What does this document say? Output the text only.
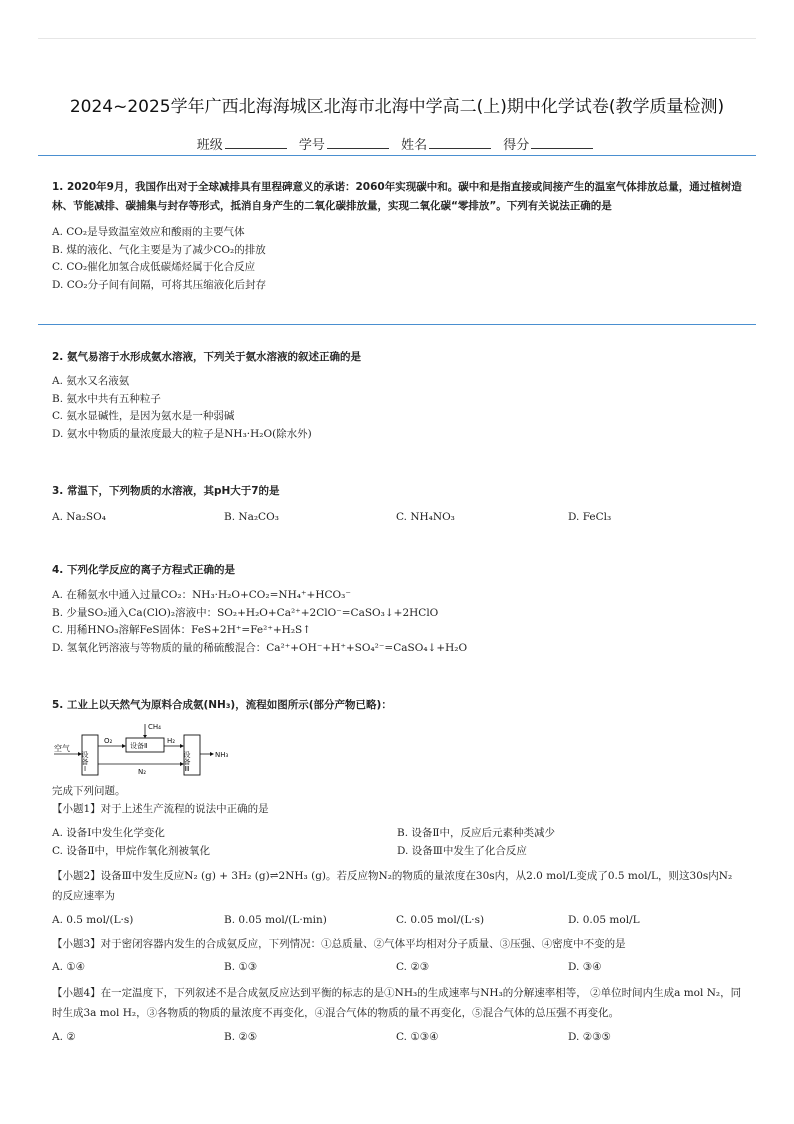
2024~2025学年广西北海海城区北海市北海中学高二(上)期中化学试卷(教学质量检测)
班级	学号	姓名	得分
1. 2020年9月，我国作出对于全球减排具有里程碑意义的承诺：2060年实现碳中和。碳中和是指直接或间接产生的温室气体排放总量，通过植树造林、节能减排、碳捕集与封存等形式，抵消自身产生的二氧化碳排放量，实现二氧化碳“零排放”。下列有关说法正确的是
A. CO₂是导致温室效应和酸雨的主要气体
B. 煤的液化、气化主要是为了减少CO₂的排放
C. CO₂催化加氢合成低碳烯烃属于化合反应
D. CO₂分子间有间隔，可将其压缩液化后封存
2. 氨气易溶于水形成氨水溶液，下列关于氨水溶液的叙述正确的是
A. 氨水又名液氨
B. 氨水中共有五种粒子
C. 氨水显碱性，是因为氨水是一种弱碱
D. 氨水中物质的量浓度最大的粒子是NH₃·H₂O(除水外)
3. 常温下，下列物质的水溶液，其pH大于7的是
A. Na₂SO₄	B. Na₂CO₃	C. NH₄NO₃	D. FeCl₃
4. 下列化学反应的离子方程式正确的是
A. 在稀氨水中通入过量CO₂：NH₃·H₂O+CO₂=NH₄⁺+HCO₃⁻
B. 少量SO₂通入Ca(ClO)₂溶液中：SO₂+H₂O+Ca²⁺+2ClO⁻=CaSO₃↓+2HClO
C. 用稀HNO₃溶解FeS固体：FeS+2H⁺=Fe²⁺+H₂S↑
D. 氢氧化钙溶液与等物质的量的稀硫酸混合：Ca²⁺+OH⁻+H⁺+SO₄²⁻=CaSO₄↓+H₂O
5. 工业上以天然气为原料合成氨(NH₃)，流程如图所示(部分产物已略)：
空气
设备Ⅰ
O₂
设备Ⅱ
CH₄
H₂
N₂	设备Ⅲ	NH₃
完成下列问题。
【小题1】对于上述生产流程的说法中正确的是
A. 设备Ⅰ中发生化学变化	B. 设备Ⅱ中，反应后元素种类减少
C. 设备Ⅱ中，甲烷作氧化剂被氧化	D. 设备Ⅲ中发生了化合反应
【小题2】设备Ⅲ中发生反应N₂ (g) + 3H₂ (g)⇌2NH₃ (g)。若反应物N₂的物质的量浓度在30s内，从2.0 mol/L变成了0.5 mol/L，则这30s内N₂的反应速率为
A. 0.5 mol/(L·s)	B. 0.05 mol/(L·min)	C. 0.05 mol/(L·s)	D. 0.05 mol/L
【小题3】对于密闭容器内发生的合成氨反应，下列情况：①总质量、②气体平均相对分子质量、③压强、④密度中不变的是
A. ①④	B. ①③	C. ②③	D. ③④
【小题4】在一定温度下，下列叙述不是合成氨反应达到平衡的标志的是①NH₃的生成速率与NH₃的分解速率相等， ②单位时间内生成a mol N₂，同时生成3a mol H₂，③各物质的物质的量浓度不再变化，④混合气体的物质的量不再变化，⑤混合气体的总压强不再变化。
A. ②	B. ②⑤	C. ①③④	D. ②③⑤
